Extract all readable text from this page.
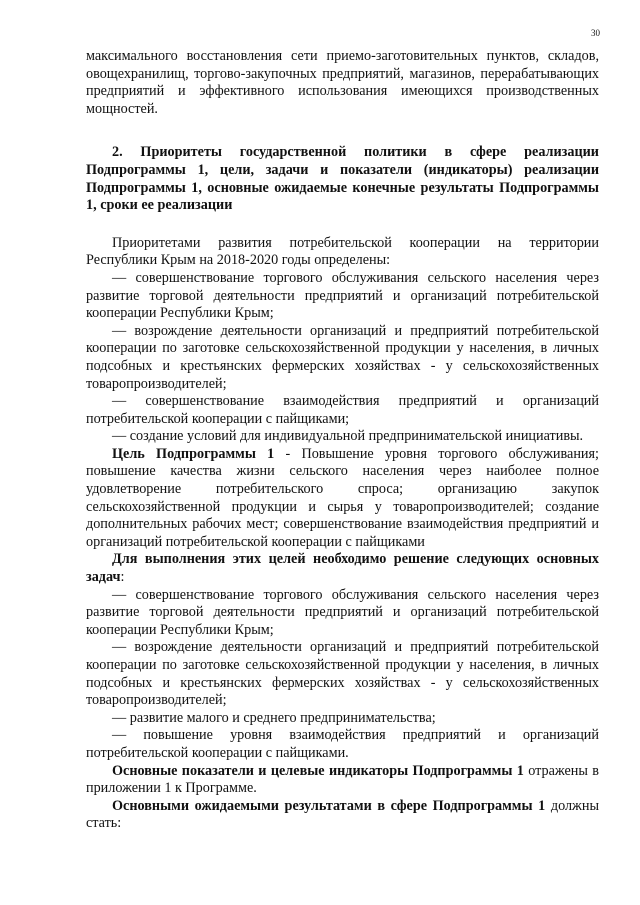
30

максимального восстановления сети приемо-заготовительных пунктов, складов, овощехранилищ, торгово-закупочных предприятий, магазинов, перерабатывающих предприятий и эффективного использования имеющихся производственных мощностей.

2. Приоритеты государственной политики в сфере реализации Подпрограммы 1, цели, задачи и показатели (индикаторы) реализации Подпрограммы 1, основные ожидаемые конечные результаты Подпрограммы 1, сроки ее реализации

Приоритетами развития потребительской кооперации на территории Республики Крым на 2018-2020 годы определены:

— совершенствование торгового обслуживания сельского населения через развитие торговой деятельности предприятий и организаций потребительской кооперации Республики Крым;

— возрождение деятельности организаций и предприятий потребительской кооперации по заготовке сельскохозяйственной продукции у населения, в личных подсобных и крестьянских фермерских хозяйствах - у сельскохозяйственных товаропроизводителей;

— совершенствование взаимодействия предприятий и организаций потребительской кооперации с пайщиками;

— создание условий для индивидуальной предпринимательской инициативы.

Цель Подпрограммы 1 - Повышение уровня торгового обслуживания; повышение качества жизни сельского населения через наиболее полное удовлетворение потребительского спроса; организацию закупок сельскохозяйственной продукции и сырья у товаропроизводителей; создание дополнительных рабочих мест; совершенствование взаимодействия предприятий и организаций потребительской кооперации с пайщиками

Для выполнения этих целей необходимо решение следующих основных задач:

— совершенствование торгового обслуживания сельского населения через развитие торговой деятельности предприятий и организаций потребительской кооперации Республики Крым;

— возрождение деятельности организаций и предприятий потребительской кооперации по заготовке сельскохозяйственной продукции у населения, в личных подсобных и крестьянских фермерских хозяйствах - у сельскохозяйственных товаропроизводителей;

— развитие малого и среднего предпринимательства;

— повышение уровня взаимодействия предприятий и организаций потребительской кооперации с пайщиками.

Основные показатели и целевые индикаторы Подпрограммы 1 отражены в приложении 1 к Программе.

Основными ожидаемыми результатами в сфере Подпрограммы 1 должны стать:
